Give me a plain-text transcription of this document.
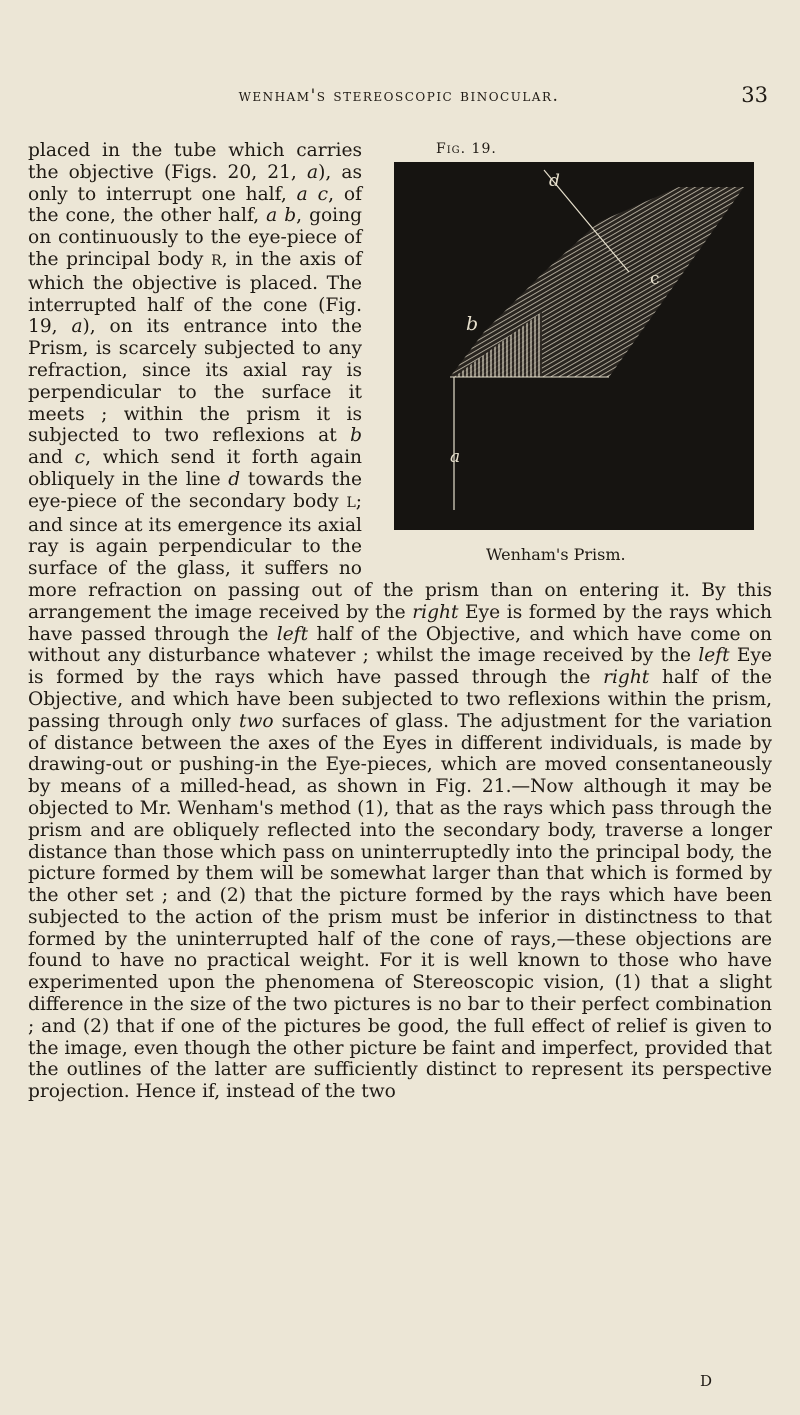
wenham's stereoscopic binocular.	33
Fig. 19.
d
c
b
a
Wenham's Prism.
placed in the tube which carries the objective (Figs. 20, 21, a), as only to interrupt one half, a c, of the cone, the other half, a b, going on continuously to the eye-piece of the principal body R, in the axis of which the objective is placed. The interrupted half of the cone (Fig. 19, a), on its entrance into the Prism, is scarcely subjected to any refraction, since its axial ray is perpendicular to the surface it meets ; within the prism it is subjected to two reflexions at b and c, which send it forth again obliquely in the line d towards the eye-piece of the secondary body L; and since at its emergence its axial ray is again perpendicular to the surface of the glass, it suffers no more refraction on passing out of the prism than on entering it. By this arrangement the image received by the right Eye is formed by the rays which have passed through the left half of the Objective, and which have come on without any disturbance whatever ; whilst the image received by the left Eye is formed by the rays which have passed through the right half of the Objective, and which have been subjected to two reflexions within the prism, passing through only two surfaces of glass. The adjustment for the variation of distance between the axes of the Eyes in different individuals, is made by drawing-out or pushing-in the Eye-pieces, which are moved consentaneously by means of a milled-head, as shown in Fig. 21.—Now although it may be objected to Mr. Wenham's method (1), that as the rays which pass through the prism and are obliquely reflected into the secondary body, traverse a longer distance than those which pass on uninterruptedly into the principal body, the picture formed by them will be somewhat larger than that which is formed by the other set ; and (2) that the picture formed by the rays which have been subjected to the action of the prism must be inferior in distinctness to that formed by the uninterrupted half of the cone of rays,—these objections are found to have no practical weight. For it is well known to those who have experimented upon the phenomena of Stereoscopic vision, (1) that a slight difference in the size of the two pictures is no bar to their perfect combination ; and (2) that if one of the pictures be good, the full effect of relief is given to the image, even though the other picture be faint and imperfect, provided that the outlines of the latter are sufficiently distinct to represent its perspective projection. Hence if, instead of the two
D
